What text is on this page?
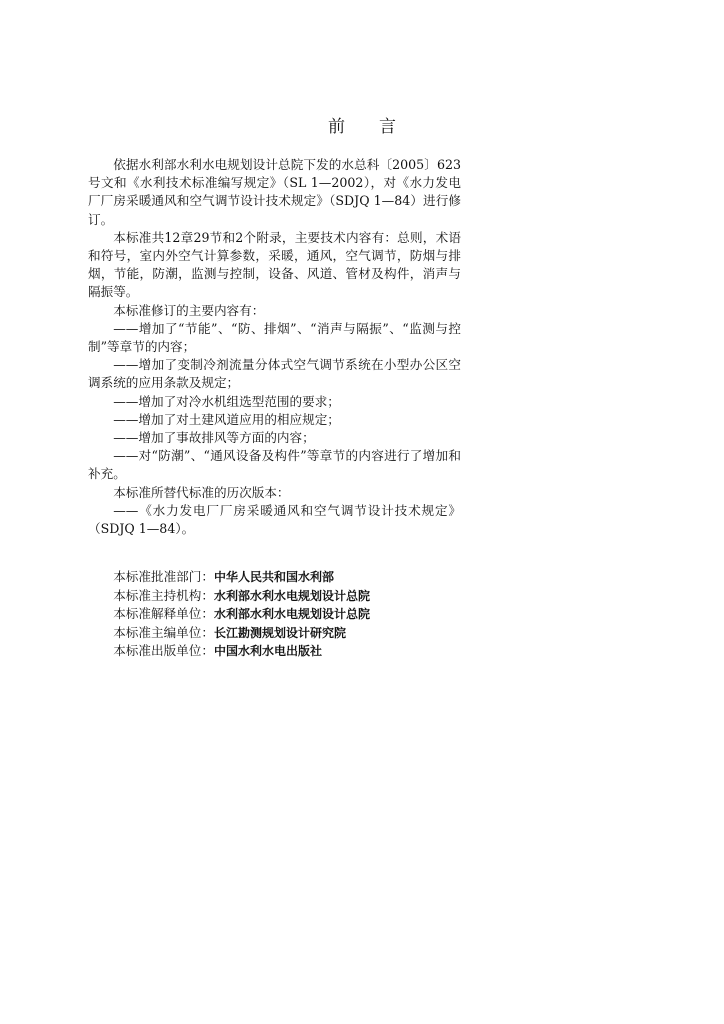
前 言

依据水利部水利水电规划设计总院下发的水总科〔2005〕623号文和《水利技术标准编写规定》（SL 1—2002），对《水力发电厂厂房采暖通风和空气调节设计技术规定》（SDJQ 1—84）进行修订。

本标准共12章29节和2个附录，主要技术内容有：总则，术语和符号，室内外空气计算参数，采暖，通风，空气调节，防烟与排烟，节能，防潮，监测与控制，设备、风道、管材及构件，消声与隔振等。

本标准修订的主要内容有：

——增加了“节能”、“防、排烟”、“消声与隔振”、“监测与控制”等章节的内容；

——增加了变制冷剂流量分体式空气调节系统在小型办公区空调系统的应用条款及规定；

——增加了对冷水机组选型范围的要求；

——增加了对土建风道应用的相应规定；

——增加了事故排风等方面的内容；

——对“防潮”、“通风设备及构件”等章节的内容进行了增加和补充。

本标准所替代标准的历次版本：

——《水力发电厂厂房采暖通风和空气调节设计技术规定》（SDJQ 1—84）。

本标准批准部门：中华人民共和国水利部

本标准主持机构：水利部水利水电规划设计总院

本标准解释单位：水利部水利水电规划设计总院

本标准主编单位：长江勘测规划设计研究院

本标准出版单位：中国水利水电出版社
